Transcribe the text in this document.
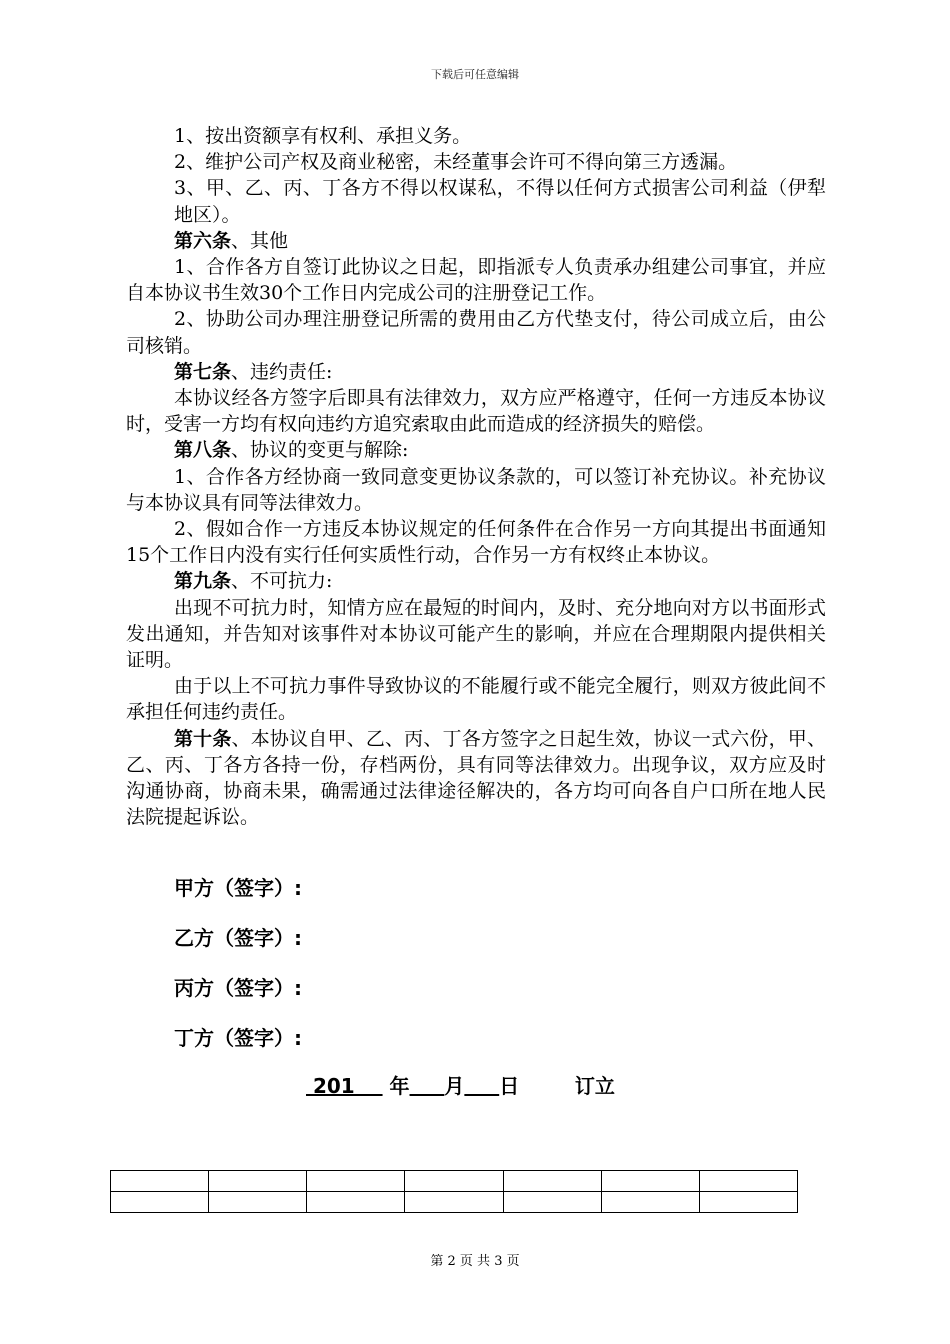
下载后可任意编辑

1、按出资额享有权利、承担义务。

2、维护公司产权及商业秘密，未经董事会许可不得向第三方透漏。

3、甲、乙、丙、丁各方不得以权谋私，不得以任何方式损害公司利益（伊犁地区）。

第六条、其他

1、合作各方自签订此协议之日起，即指派专人负责承办组建公司事宜，并应自本协议书生效30个工作日内完成公司的注册登记工作。

2、协助公司办理注册登记所需的费用由乙方代垫支付，待公司成立后，由公司核销。

第七条、违约责任:

本协议经各方签字后即具有法律效力，双方应严格遵守，任何一方违反本协议时，受害一方均有权向违约方追究索取由此而造成的经济损失的赔偿。

第八条、协议的变更与解除:

1、合作各方经协商一致同意变更协议条款的，可以签订补充协议。补充协议与本协议具有同等法律效力。

2、假如合作一方违反本协议规定的任何条件在合作另一方向其提出书面通知15个工作日内没有实行任何实质性行动，合作另一方有权终止本协议。

第九条、不可抗力:

出现不可抗力时，知情方应在最短的时间内，及时、充分地向对方以书面形式发出通知，并告知对该事件对本协议可能产生的影响，并应在合理期限内提供相关证明。

由于以上不可抗力事件导致协议的不能履行或不能完全履行，则双方彼此间不承担任何违约责任。

第十条、本协议自甲、乙、丙、丁各方签字之日起生效，协议一式六份，甲、乙、丙、丁各方各持一份，存档两份，具有同等法律效力。出现争议，双方应及时沟通协商，协商未果，确需通过法律途径解决的，各方均可向各自户口所在地人民法院提起诉讼。

甲方（签字）:
乙方（签字）:
丙方（签字）:
丁方（签字）:
201     年 月 日        订立

第 2 页 共 3 页
